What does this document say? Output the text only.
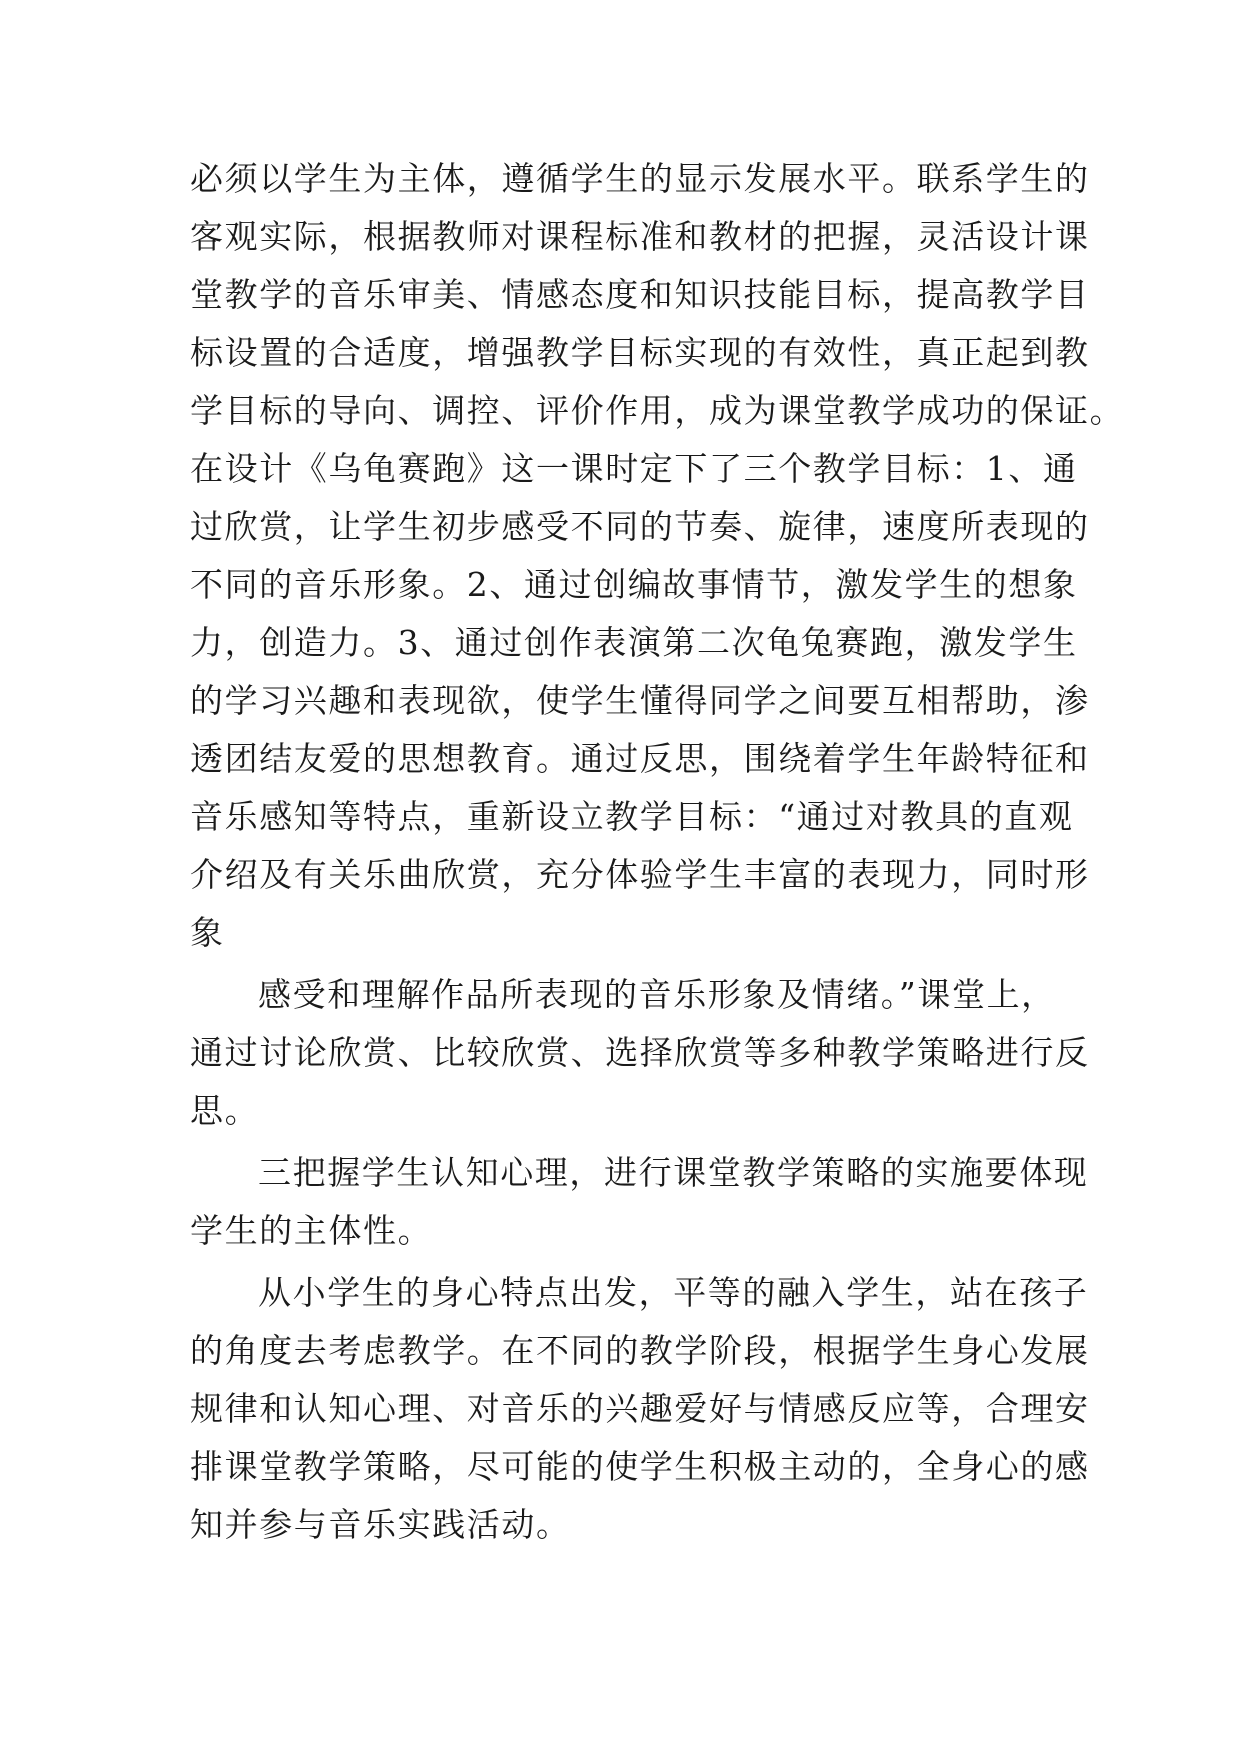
必须以学生为主体，遵循学生的显示发展水平。联系学生的
客观实际，根据教师对课程标准和教材的把握，灵活设计课
堂教学的音乐审美、情感态度和知识技能目标，提高教学目
标设置的合适度，增强教学目标实现的有效性，真正起到教
学目标的导向、调控、评价作用，成为课堂教学成功的保证。
在设计《乌龟赛跑》这一课时定下了三个教学目标：1、通
过欣赏，让学生初步感受不同的节奏、旋律，速度所表现的
不同的音乐形象。2、通过创编故事情节，激发学生的想象
力，创造力。3、通过创作表演第二次龟兔赛跑，激发学生
的学习兴趣和表现欲，使学生懂得同学之间要互相帮助，渗
透团结友爱的思想教育。通过反思，围绕着学生年龄特征和
音乐感知等特点，重新设立教学目标：“通过对教具的直观
介绍及有关乐曲欣赏，充分体验学生丰富的表现力，同时形
象
感受和理解作品所表现的音乐形象及情绪。”课堂上，
通过讨论欣赏、比较欣赏、选择欣赏等多种教学策略进行反
思。
三把握学生认知心理，进行课堂教学策略的实施要体现
学生的主体性。
从小学生的身心特点出发，平等的融入学生，站在孩子
的角度去考虑教学。在不同的教学阶段，根据学生身心发展
规律和认知心理、对音乐的兴趣爱好与情感反应等，合理安
排课堂教学策略，尽可能的使学生积极主动的，全身心的感
知并参与音乐实践活动。
